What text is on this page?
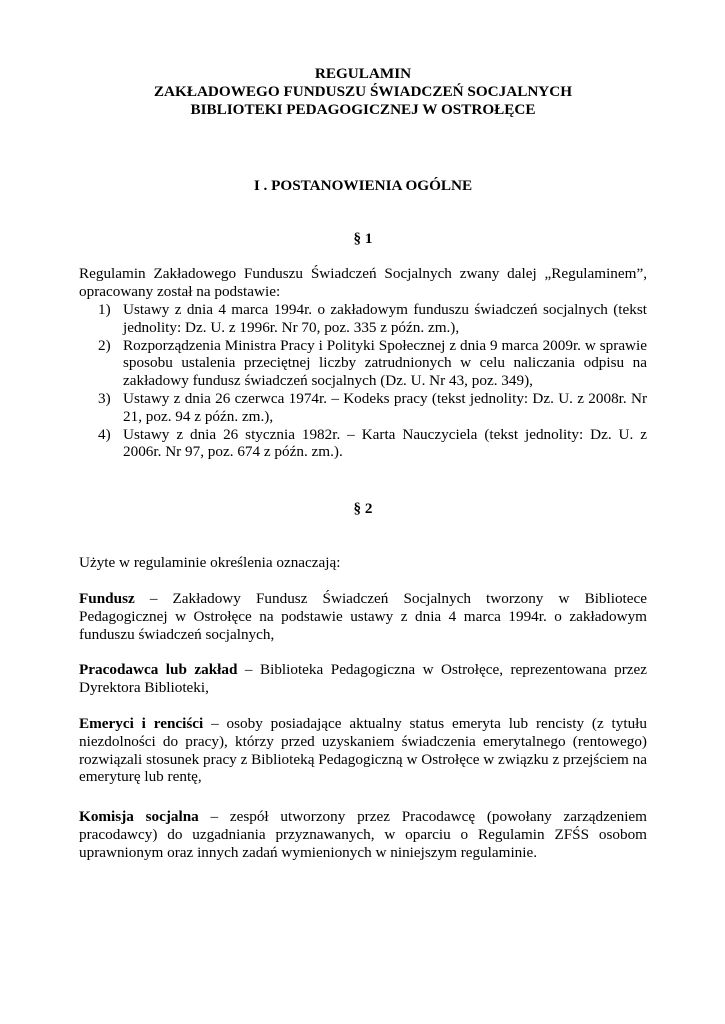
REGULAMIN
ZAKŁADOWEGO FUNDUSZU ŚWIADCZEŃ SOCJALNYCH
BIBLIOTEKI PEDAGOGICZNEJ W OSTROŁĘCE
I . POSTANOWIENIA OGÓLNE
§ 1
Regulamin Zakładowego Funduszu Świadczeń Socjalnych zwany dalej „Regulaminem”, opracowany został na podstawie:
1) Ustawy z dnia 4 marca 1994r. o zakładowym funduszu świadczeń socjalnych (tekst jednolity: Dz. U. z 1996r. Nr 70, poz. 335 z późn. zm.),
2) Rozporządzenia Ministra Pracy i Polityki Społecznej z dnia 9 marca 2009r. w sprawie sposobu ustalenia przeciętnej liczby zatrudnionych w celu naliczania odpisu na zakładowy fundusz świadczeń socjalnych (Dz. U. Nr 43, poz. 349),
3) Ustawy z dnia 26 czerwca 1974r. – Kodeks pracy (tekst jednolity: Dz. U. z 2008r. Nr 21, poz. 94 z późn. zm.),
4) Ustawy z dnia 26 stycznia 1982r. – Karta Nauczyciela (tekst jednolity: Dz. U. z 2006r. Nr 97, poz. 674 z późn. zm.).
§ 2
Użyte w regulaminie określenia oznaczają:
Fundusz – Zakładowy Fundusz Świadczeń Socjalnych tworzony w Bibliotece Pedagogicznej w Ostrołęce na podstawie ustawy z dnia 4 marca 1994r. o zakładowym funduszu świadczeń socjalnych,
Pracodawca lub zakład – Biblioteka Pedagogiczna w Ostrołęce, reprezentowana przez Dyrektora Biblioteki,
Emeryci i renciści – osoby posiadające aktualny status emeryta lub rencisty (z tytułu niezdolności do pracy), którzy przed uzyskaniem świadczenia emerytalnego (rentowego) rozwiązali stosunek pracy z Biblioteką Pedagogiczną w Ostrołęce w związku z przejściem na emeryturę lub rentę,
Komisja socjalna – zespół utworzony przez Pracodawcę (powołany zarządzeniem pracodawcy) do uzgadniania przyznawanych, w oparciu o Regulamin ZFŚS osobom uprawnionym oraz innych zadań wymienionych w niniejszym regulaminie.
